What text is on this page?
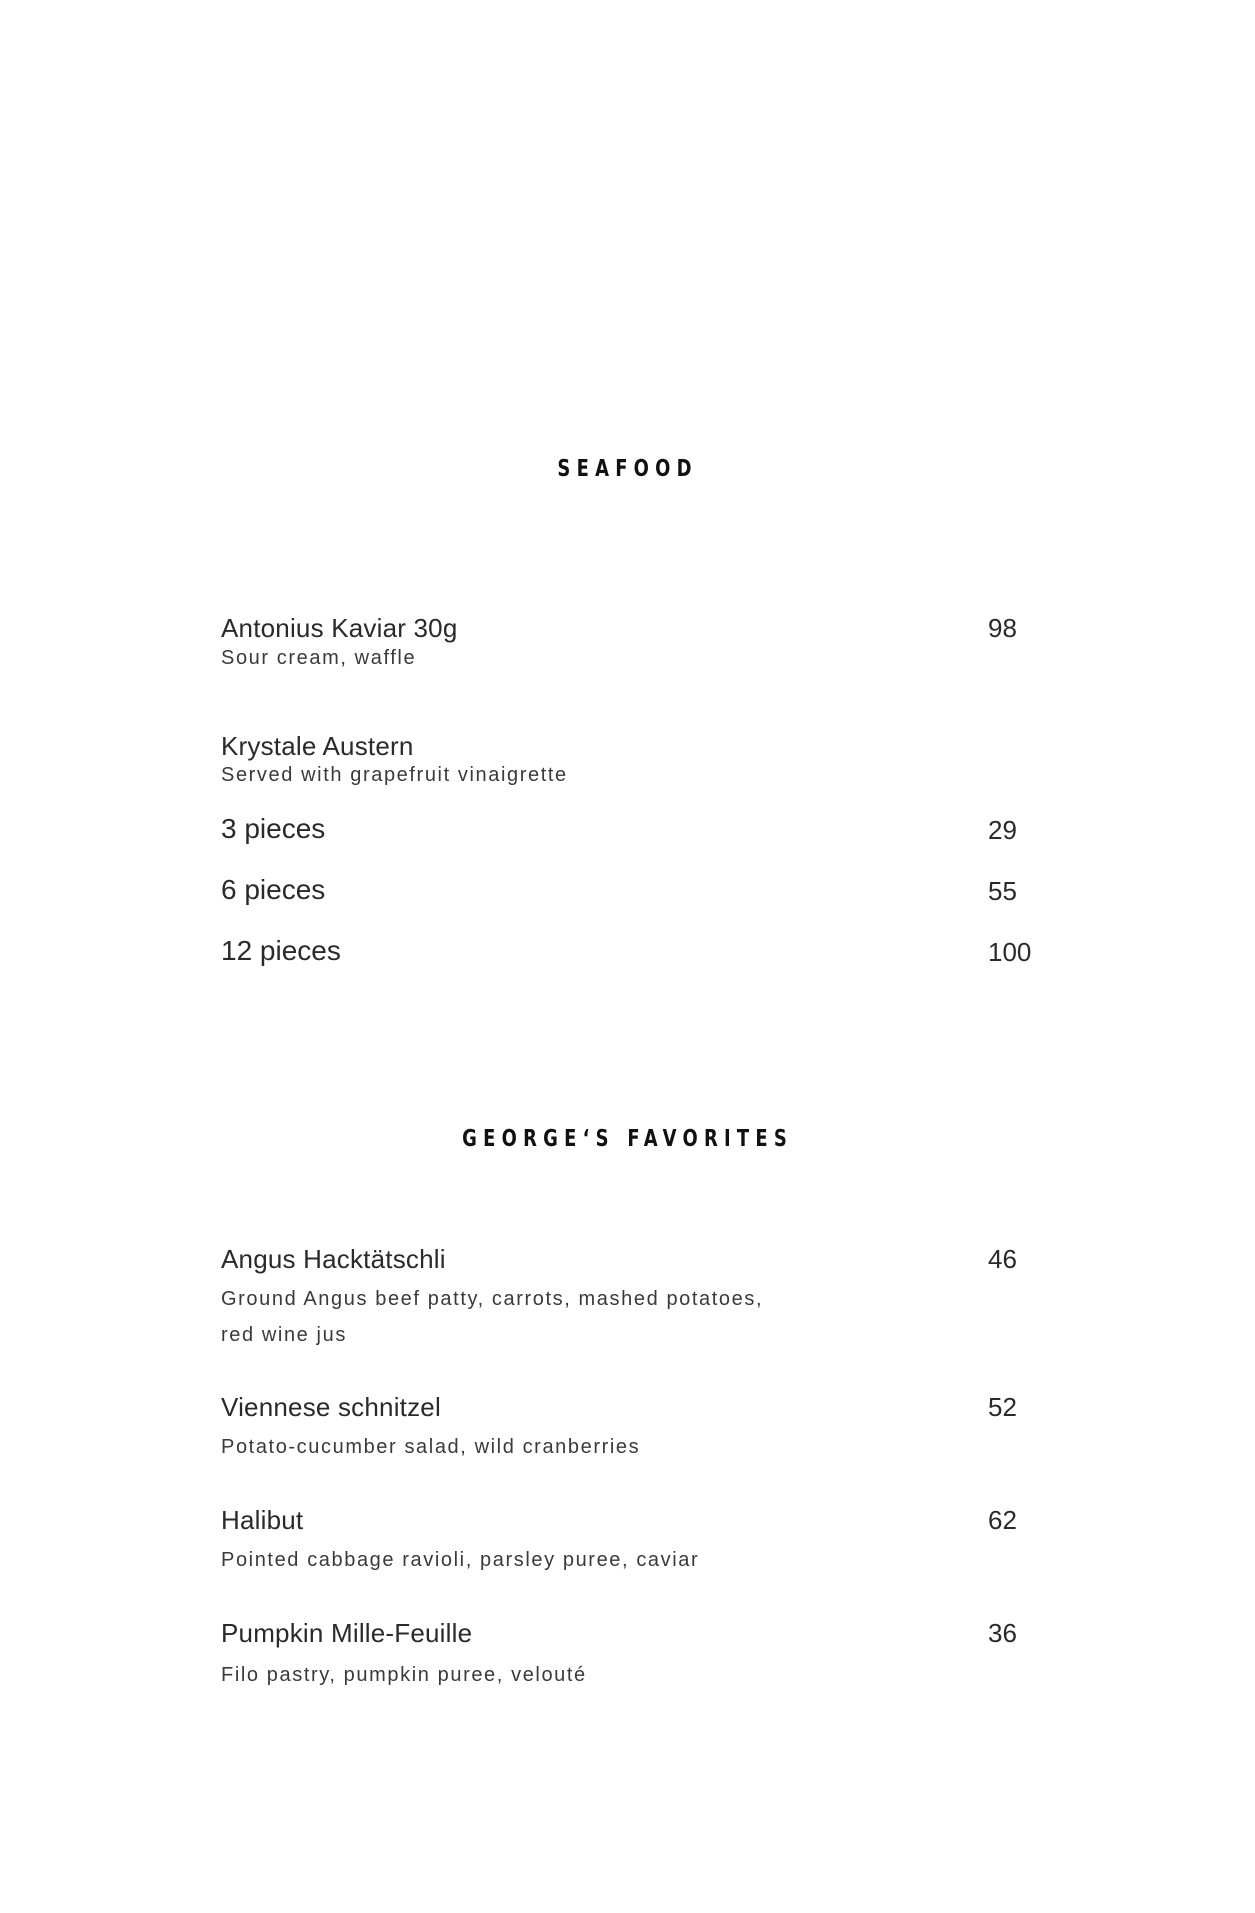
SEAFOOD

Antonius Kaviar 30g	98

Sour cream, waffle

Krystale Austern

Served with grapefruit vinaigrette

3 pieces	29

6 pieces	55

12 pieces	100

GEORGE‘S FAVORITES

Angus Hacktätschli	46

Ground Angus beef patty, carrots, mashed potatoes,

red wine jus

Viennese schnitzel	52

Potato-cucumber salad, wild cranberries

Halibut	62

Pointed cabbage ravioli, parsley puree, caviar

Pumpkin Mille-Feuille	36

Filo pastry, pumpkin puree, velouté
